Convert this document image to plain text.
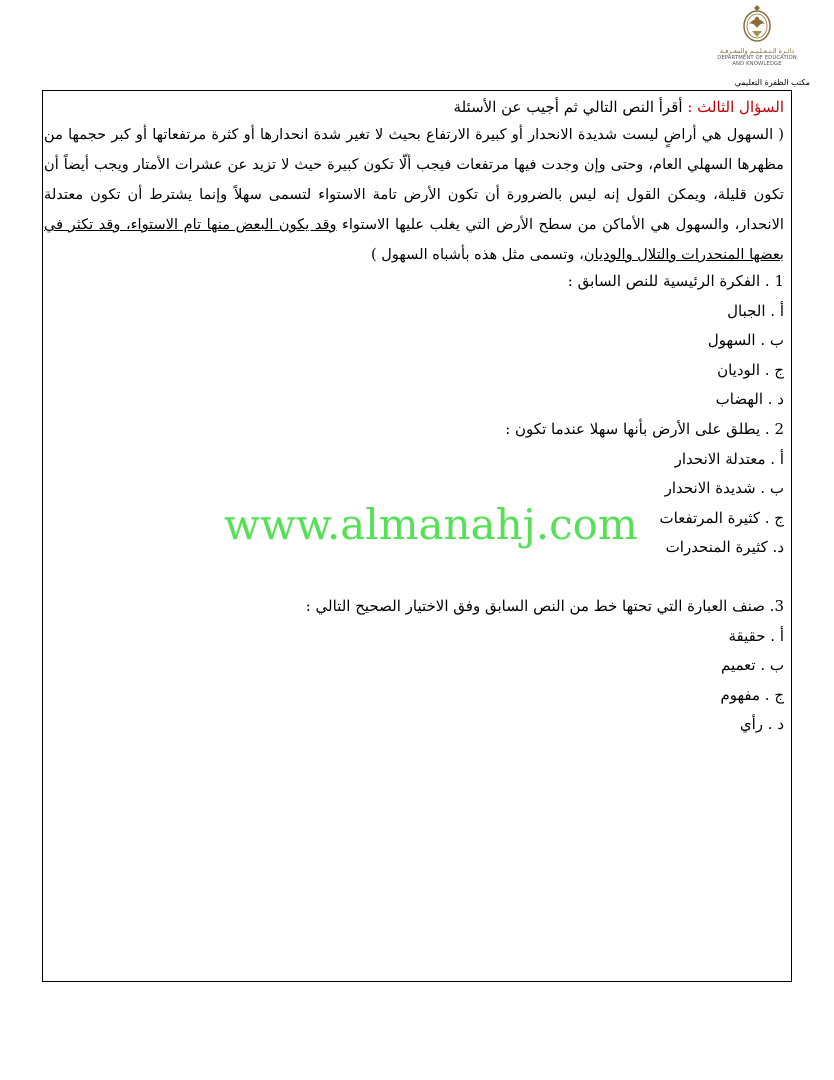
دائـرة الـتـعـلـيـم والمعـرفـة
DEPARTMENT OF EDUCATION
AND KNOWLEDGE
مكتب الظفرة التعليمي
www.almanahj.com
السؤال الثالث : أقرأ النص التالي ثم أجيب عن الأسئلة

( السهول هي أراضٍ ليست شديدة الانحدار أو كبيرة الارتفاع بحيث لا تغير شدة انحدارها أو كثرة مرتفعاتها أو كبر حجمها من مظهرها السهلي العام، وحتى وإن وجدت فيها مرتفعات فيجب ألّا تكون كبيرة حيث لا تزيد عن عشرات الأمتار ويجب أيضاً أن تكون قليلة، ويمكن القول إنه ليس بالضرورة أن تكون الأرض تامة الاستواء لتسمى سهلاً وإنما يشترط أن تكون معتدلة الانحدار، والسهول هي الأماكن من سطح الأرض التي يغلب عليها الاستواء وقد يكون البعض منها تام الاستواء، وقد تكثر في بعضها المنحدرات والتلال والوديان، وتسمى مثل هذه بأشباه السهول )

1 . الفكرة الرئيسية للنص السابق :
أ . الجبال
ب . السهول
ج . الوديان
د . الهضاب
2 . يطلق على الأرض بأنها سهلا عندما تكون :
أ . معتدلة الانحدار
ب . شديدة الانحدار
ج . كثيرة المرتفعات
د. كثيرة المنحدرات
3. صنف العبارة التي تحتها خط من النص السابق وفق الاختيار الصحيح التالي :
أ . حقيقة
ب . تعميم
ج . مفهوم
د . رأي
